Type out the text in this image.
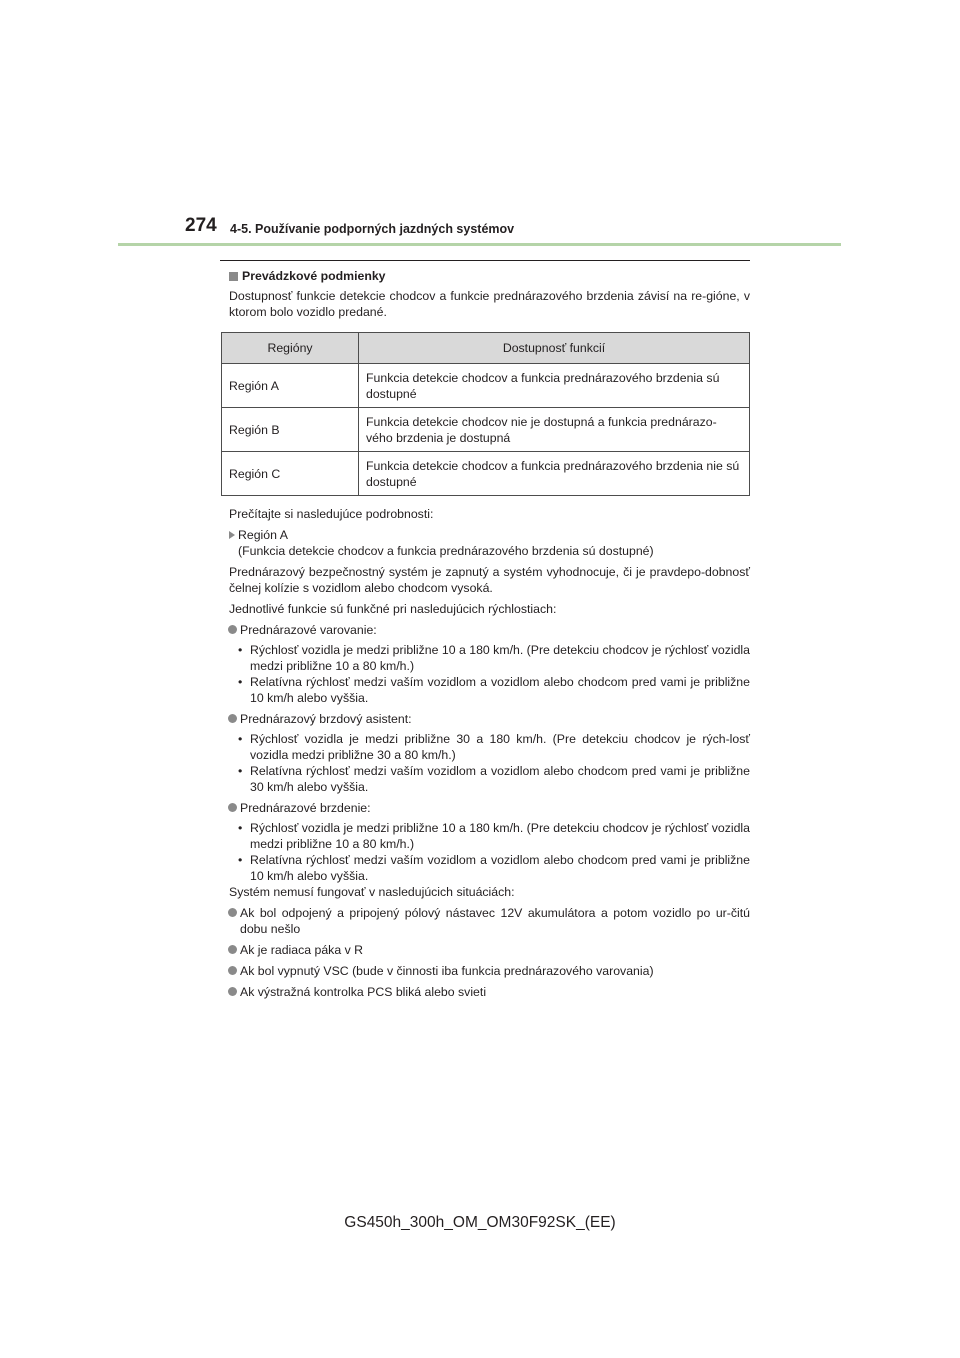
274 4-5. Používanie podporných jazdných systémov

Prevádzkové podmienky

Dostupnosť funkcie detekcie chodcov a funkcie prednárazového brzdenia závisí na re-gióne, v ktorom bolo vozidlo predané.

Regióny	Dostupnosť funkcií
Región A	Funkcia detekcie chodcov a funkcia prednárazového brzdenia sú dostupné
Región B	Funkcia detekcie chodcov nie je dostupná a funkcia prednárazo-vého brzdenia je dostupná
Región C	Funkcia detekcie chodcov a funkcia prednárazového brzdenia nie sú dostupné

Prečítajte si nasledujúce podrobnosti:

Región A
(Funkcia detekcie chodcov a funkcia prednárazového brzdenia sú dostupné)

Prednárazový bezpečnostný systém je zapnutý a systém vyhodnocuje, či je pravdepo-dobnosť čelnej kolízie s vozidlom alebo chodcom vysoká.

Jednotlivé funkcie sú funkčné pri nasledujúcich rýchlostiach:

Prednárazové varovanie:
• Rýchlosť vozidla je medzi približne 10 a 180 km/h. (Pre detekciu chodcov je rýchlosť vozidla medzi približne 10 a 80 km/h.)
• Relatívna rýchlosť medzi vaším vozidlom a vozidlom alebo chodcom pred vami je približne 10 km/h alebo vyššia.
Prednárazový brzdový asistent:
• Rýchlosť vozidla je medzi približne 30 a 180 km/h. (Pre detekciu chodcov je rých-losť vozidla medzi približne 30 a 80 km/h.)
• Relatívna rýchlosť medzi vaším vozidlom a vozidlom alebo chodcom pred vami je približne 30 km/h alebo vyššia.
Prednárazové brzdenie:
• Rýchlosť vozidla je medzi približne 10 a 180 km/h. (Pre detekciu chodcov je rýchlosť vozidla medzi približne 10 a 80 km/h.)
• Relatívna rýchlosť medzi vaším vozidlom a vozidlom alebo chodcom pred vami je približne 10 km/h alebo vyššia.

Systém nemusí fungovať v nasledujúcich situáciách:

Ak bol odpojený a pripojený pólový nástavec 12V akumulátora a potom vozidlo po ur-čitú dobu nešlo
Ak je radiaca páka v R
Ak bol vypnutý VSC (bude v činnosti iba funkcia prednárazového varovania)
Ak výstražná kontrolka PCS bliká alebo svieti
GS450h_300h_OM_OM30F92SK_(EE)
